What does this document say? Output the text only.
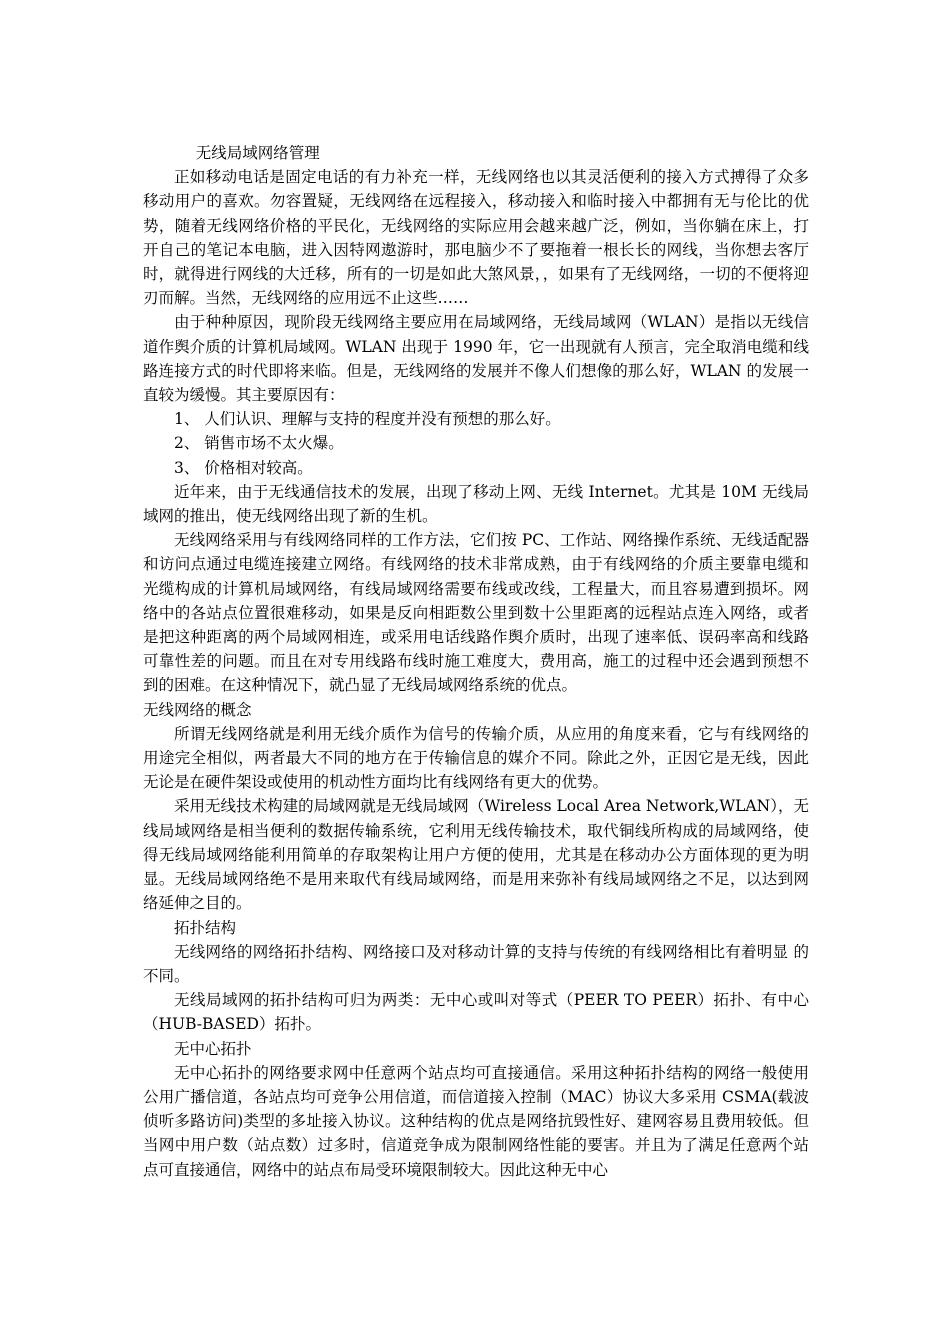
无线局域网络管理

正如移动电话是固定电话的有力补充一样，无线网络也以其灵活便利的接入方式搏得了众多移动用户的喜欢。勿容置疑，无线网络在远程接入，移动接入和临时接入中都拥有无与伦比的优势，随着无线网络价格的平民化，无线网络的实际应用会越来越广泛，例如，当你躺在床上，打开自己的笔记本电脑，进入因特网遨游时，那电脑少不了要拖着一根长长的网线，当你想去客厅时，就得进行网线的大迁移，所有的一切是如此大煞风景，，如果有了无线网络，一切的不便将迎刃而解。当然，无线网络的应用远不止这些……

由于种种原因，现阶段无线网络主要应用在局域网络，无线局域网（WLAN）是指以无线信道作舆介质的计算机局域网。WLAN 出现于 1990 年，它一出现就有人预言，完全取消电缆和线路连接方式的时代即将来临。但是，无线网络的发展并不像人们想像的那么好，WLAN 的发展一直较为缓慢。其主要原因有：

1、 人们认识、理解与支持的程度并没有预想的那么好。

2、 销售市场不太火爆。

3、 价格相对较高。

近年来，由于无线通信技术的发展，出现了移动上网、无线 Internet。尤其是 10M 无线局域网的推出，使无线网络出现了新的生机。

无线网络采用与有线网络同样的工作方法，它们按 PC、工作站、网络操作系统、无线适配器和访问点通过电缆连接建立网络。有线网络的技术非常成熟，由于有线网络的介质主要靠电缆和光缆构成的计算机局域网络，有线局域网络需要布线或改线，工程量大，而且容易遭到损坏。网络中的各站点位置很难移动，如果是反向相距数公里到数十公里距离的远程站点连入网络，或者是把这种距离的两个局域网相连，或采用电话线路作舆介质时，出现了速率低、误码率高和线路可靠性差的问题。而且在对专用线路布线时施工难度大，费用高，施工的过程中还会遇到预想不到的困难。在这种情况下，就凸显了无线局域网络系统的优点。

无线网络的概念

所谓无线网络就是利用无线介质作为信号的传输介质，从应用的角度来看，它与有线网络的用途完全相似，两者最大不同的地方在于传输信息的媒介不同。除此之外，正因它是无线，因此无论是在硬件架设或使用的机动性方面均比有线网络有更大的优势。

采用无线技术构建的局域网就是无线局域网（Wireless Local Area Network,WLAN），无线局域网络是相当便利的数据传输系统，它利用无线传输技术，取代铜线所构成的局域网络，使得无线局域网络能利用简单的存取架构让用户方便的使用，尤其是在移动办公方面体现的更为明显。无线局域网络绝不是用来取代有线局域网络，而是用来弥补有线局域网络之不足，以达到网络延伸之目的。

拓扑结构

无线网络的网络拓扑结构、网络接口及对移动计算的支持与传统的有线网络相比有着明显 的不同。

无线局域网的拓扑结构可归为两类：无中心或叫对等式（PEER TO PEER）拓扑、有中心（HUB-BASED）拓扑。

无中心拓扑

无中心拓扑的网络要求网中任意两个站点均可直接通信。采用这种拓扑结构的网络一般使用公用广播信道，各站点均可竞争公用信道，而信道接入控制（MAC）协议大多采用 CSMA(载波侦听多路访问)类型的多址接入协议。这种结构的优点是网络抗毁性好、建网容易且费用较低。但当网中用户数（站点数）过多时，信道竞争成为限制网络性能的要害。并且为了满足任意两个站点可直接通信，网络中的站点布局受环境限制较大。因此这种无中心
